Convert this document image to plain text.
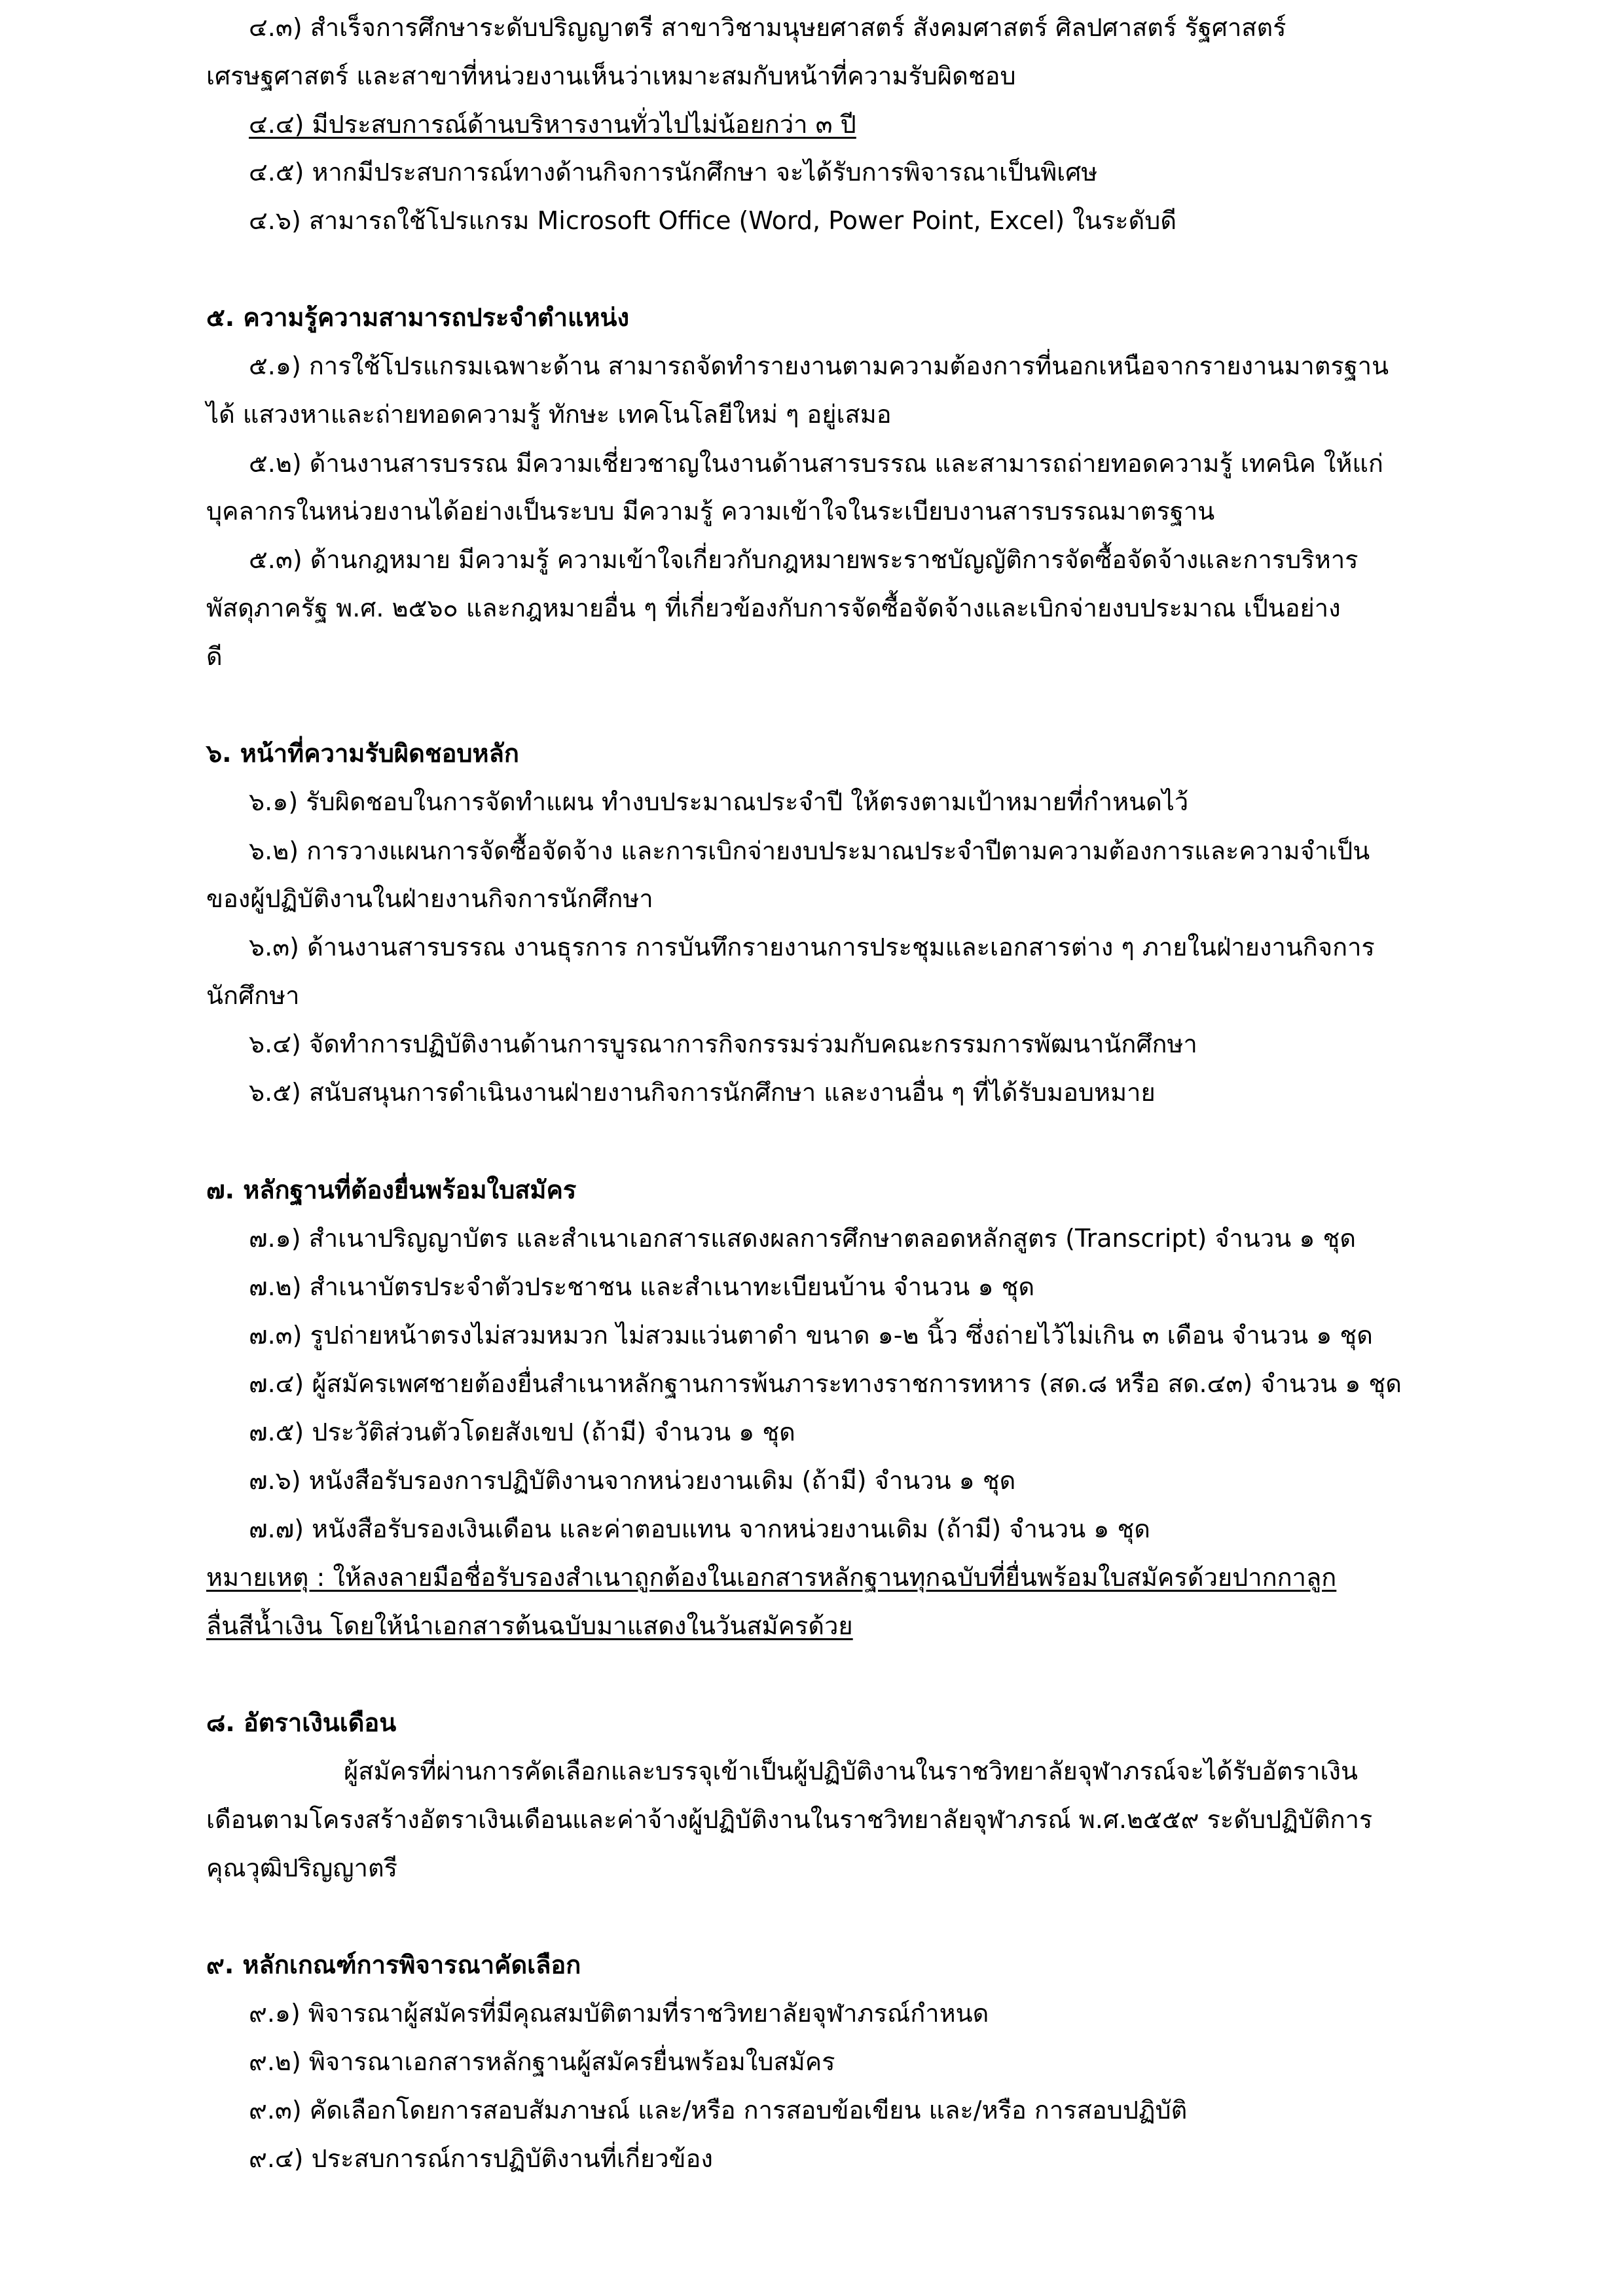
๔.๓) สำเร็จการศึกษาระดับปริญญาตรี สาขาวิชามนุษยศาสตร์ สังคมศาสตร์ ศิลปศาสตร์ รัฐศาสตร์
เศรษฐศาสตร์ และสาขาที่หน่วยงานเห็นว่าเหมาะสมกับหน้าที่ความรับผิดชอบ
๔.๔) มีประสบการณ์ด้านบริหารงานทั่วไปไม่น้อยกว่า ๓ ปี
๔.๕) หากมีประสบการณ์ทางด้านกิจการนักศึกษา จะได้รับการพิจารณาเป็นพิเศษ
๔.๖) สามารถใช้โปรแกรม Microsoft Office (Word, Power Point, Excel) ในระดับดี
๕. ความรู้ความสามารถประจำตำแหน่ง
๕.๑) การใช้โปรแกรมเฉพาะด้าน สามารถจัดทำรายงานตามความต้องการที่นอกเหนือจากรายงานมาตรฐาน
ได้ แสวงหาและถ่ายทอดความรู้ ทักษะ เทคโนโลยีใหม่ ๆ อยู่เสมอ
๕.๒) ด้านงานสารบรรณ มีความเชี่ยวชาญในงานด้านสารบรรณ และสามารถถ่ายทอดความรู้ เทคนิค ให้แก่
บุคลากรในหน่วยงานได้อย่างเป็นระบบ มีความรู้ ความเข้าใจในระเบียบงานสารบรรณมาตรฐาน
๕.๓) ด้านกฎหมาย มีความรู้ ความเข้าใจเกี่ยวกับกฎหมายพระราชบัญญัติการจัดซื้อจัดจ้างและการบริหาร
พัสดุภาครัฐ พ.ศ. ๒๕๖๐ และกฎหมายอื่น ๆ ที่เกี่ยวข้องกับการจัดซื้อจัดจ้างและเบิกจ่ายงบประมาณ เป็นอย่าง
ดี
๖. หน้าที่ความรับผิดชอบหลัก
๖.๑) รับผิดชอบในการจัดทำแผน ทำงบประมาณประจำปี ให้ตรงตามเป้าหมายที่กำหนดไว้
๖.๒) การวางแผนการจัดซื้อจัดจ้าง และการเบิกจ่ายงบประมาณประจำปีตามความต้องการและความจำเป็น
ของผู้ปฏิบัติงานในฝ่ายงานกิจการนักศึกษา
๖.๓) ด้านงานสารบรรณ งานธุรการ การบันทึกรายงานการประชุมและเอกสารต่าง ๆ ภายในฝ่ายงานกิจการ
นักศึกษา
๖.๔) จัดทำการปฏิบัติงานด้านการบูรณาการกิจกรรมร่วมกับคณะกรรมการพัฒนานักศึกษา
๖.๕) สนับสนุนการดำเนินงานฝ่ายงานกิจการนักศึกษา และงานอื่น ๆ ที่ได้รับมอบหมาย
๗. หลักฐานที่ต้องยื่นพร้อมใบสมัคร
๗.๑) สำเนาปริญญาบัตร และสำเนาเอกสารแสดงผลการศึกษาตลอดหลักสูตร (Transcript) จำนวน ๑ ชุด
๗.๒) สำเนาบัตรประจำตัวประชาชน และสำเนาทะเบียนบ้าน จำนวน ๑ ชุด
๗.๓) รูปถ่ายหน้าตรงไม่สวมหมวก ไม่สวมแว่นตาดำ ขนาด ๑-๒ นิ้ว ซึ่งถ่ายไว้ไม่เกิน ๓ เดือน จำนวน ๑ ชุด
๗.๔) ผู้สมัครเพศชายต้องยื่นสำเนาหลักฐานการพ้นภาระทางราชการทหาร (สด.๘ หรือ สด.๔๓) จำนวน ๑ ชุด
๗.๕) ประวัติส่วนตัวโดยสังเขป (ถ้ามี) จำนวน ๑ ชุด
๗.๖) หนังสือรับรองการปฏิบัติงานจากหน่วยงานเดิม (ถ้ามี) จำนวน ๑ ชุด
๗.๗) หนังสือรับรองเงินเดือน และค่าตอบแทน จากหน่วยงานเดิม (ถ้ามี) จำนวน ๑ ชุด
หมายเหตุ : ให้ลงลายมือชื่อรับรองสำเนาถูกต้องในเอกสารหลักฐานทุกฉบับที่ยื่นพร้อมใบสมัครด้วยปากกาลูก
ลื่นสีน้ำเงิน โดยให้นำเอกสารต้นฉบับมาแสดงในวันสมัครด้วย
๘. อัตราเงินเดือน
ผู้สมัครที่ผ่านการคัดเลือกและบรรจุเข้าเป็นผู้ปฏิบัติงานในราชวิทยาลัยจุฬาภรณ์จะได้รับอัตราเงิน
เดือนตามโครงสร้างอัตราเงินเดือนและค่าจ้างผู้ปฏิบัติงานในราชวิทยาลัยจุฬาภรณ์ พ.ศ.๒๕๕๙ ระดับปฏิบัติการ
คุณวุฒิปริญญาตรี
๙. หลักเกณฑ์การพิจารณาคัดเลือก
๙.๑) พิจารณาผู้สมัครที่มีคุณสมบัติตามที่ราชวิทยาลัยจุฬาภรณ์กำหนด
๙.๒) พิจารณาเอกสารหลักฐานผู้สมัครยื่นพร้อมใบสมัคร
๙.๓) คัดเลือกโดยการสอบสัมภาษณ์ และ/หรือ การสอบข้อเขียน และ/หรือ การสอบปฏิบัติ
๙.๔) ประสบการณ์การปฏิบัติงานที่เกี่ยวข้อง
